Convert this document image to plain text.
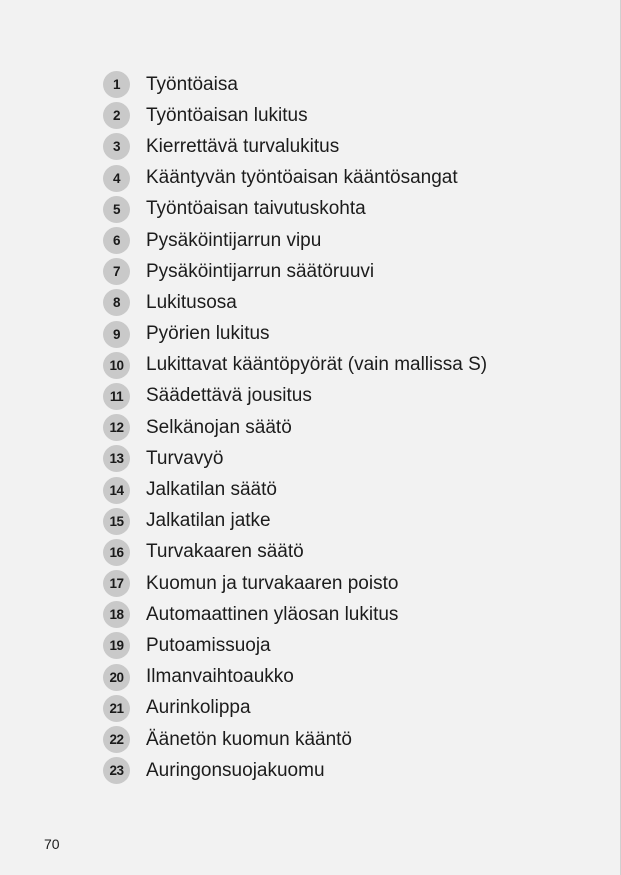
1	Työntöaisa
2	Työntöaisan lukitus
3	Kierrettävä turvalukitus
4	Kääntyvän työntöaisan kääntösangat
5	Työntöaisan taivutuskohta
6	Pysäköintijarrun vipu
7	Pysäköintijarrun säätöruuvi
8	Lukitusosa
9	Pyörien lukitus
10	Lukittavat kääntöpyörät (vain mallissa S)
11	Säädettävä jousitus
12	Selkänojan säätö
13	Turvavyö
14	Jalkatilan säätö
15	Jalkatilan jatke
16	Turvakaaren säätö
17	Kuomun ja turvakaaren poisto
18	Automaattinen yläosan lukitus
19	Putoamissuoja
20	Ilmanvaihtoaukko
21	Aurinkolippa
22	Äänetön kuomun kääntö
23	Auringonsuojakuomu
70
